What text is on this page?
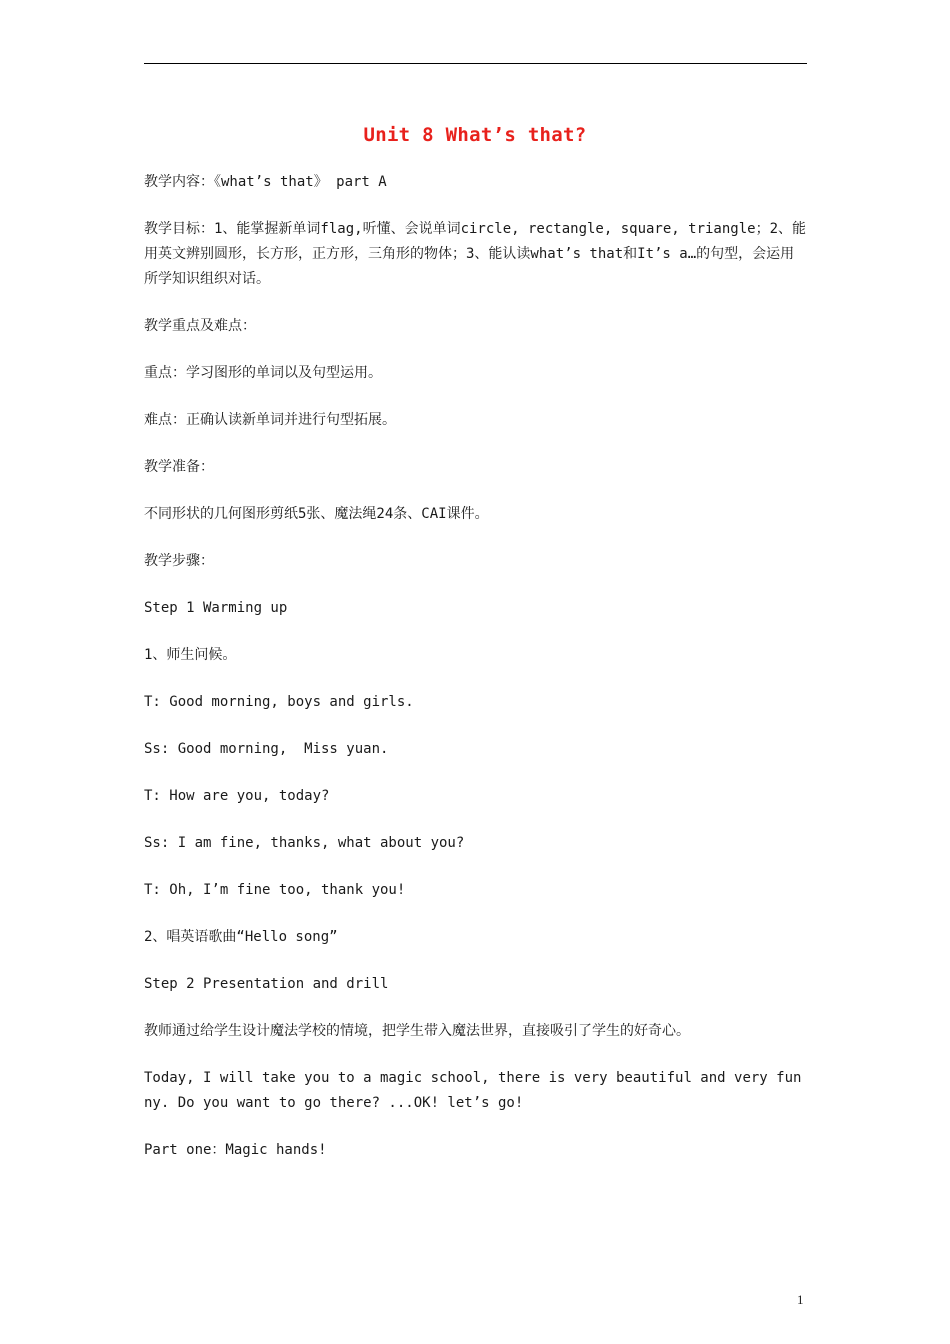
Unit 8 What’s that?

教学内容：《what’s that》 part A

教学目标：1、能掌握新单词flag,听懂、会说单词circle, rectangle, square, triangle；2、能用英文辨别圆形，长方形，正方形，三角形的物体；3、能认读what’s that和It’s a…的句型，会运用所学知识组织对话。

教学重点及难点：

重点：学习图形的单词以及句型运用。

难点：正确认读新单词并进行句型拓展。

教学准备：

不同形状的几何图形剪纸5张、魔法绳24条、CAI课件。

教学步骤：

Step 1 Warming up

1、师生问候。

T: Good morning, boys and girls.

Ss: Good morning,  Miss yuan.

T: How are you, today?

Ss: I am fine, thanks, what about you?

T: Oh, I’m fine too, thank you!

2、唱英语歌曲“Hello song”

Step 2 Presentation and drill

教师通过给学生设计魔法学校的情境，把学生带入魔法世界，直接吸引了学生的好奇心。

Today, I will take you to a magic school, there is very beautiful and very funny. Do you want to go there? ...OK! let’s go!

Part one：Magic hands!

1
